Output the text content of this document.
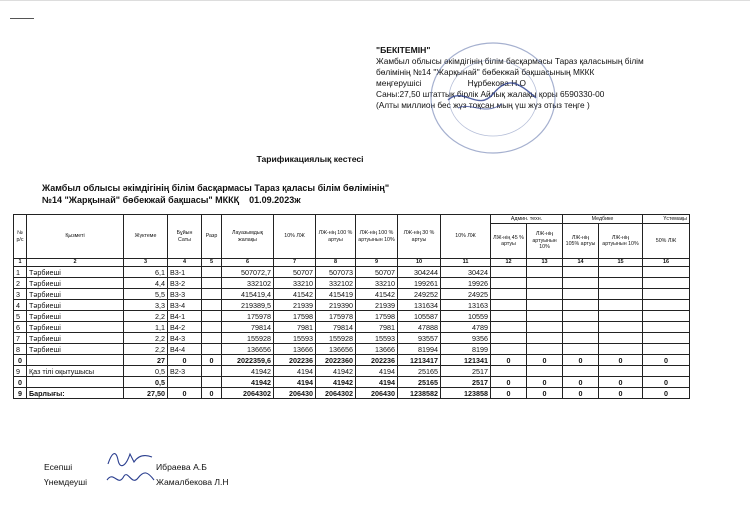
"БЕКІТЕМІН"
Жамбыл облысы әкімдігінің білім басқармасы Тараз қаласының білім
бөлімінің №14 "Жарқынай" бөбекжай бақшасының МККК
меңгерушісі                    Нұрбекова.Н.О
Саны:27,50 штаттық бірлік Айлық жалақы қоры 6590330-00
(Алты миллион бес жүз тоқсан мың үш жүз отыз теңге )
Тарификациялық кестесі
Жамбыл облысы әкімдігінің білім басқармасы Тараз қаласы білім бөлімінің"
№14 "Жарқынай" бөбекжай бақшасы" МККҚ    01.09.2023ж
№ р/с	Қызметі	Жүктеме	Бұйын Саты	Разр	Лауазымдық жалақы	10% ЛЖ	ЛЖ-нің 100 % артуы	ЛЖ-нің 100 % артуынын 10%	ЛЖ-нің 30 % артуы	10% ЛЖ	Админ. техн.		Медбике		Үстемақы
											ЛЖ-нің 45 % артуы	ЛЖ-нің артуынын 10%	ЛЖ-нің 105% артуы	ЛЖ-нің артуынын 10%	50% ЛЖ
1	2	3	4	5	6	7	8	9	10	11	12	13	14	15	16
1	Тәрбиеші	6,1	В3-1		507072,7	50707	507073	50707	304244	30424					
2	Тәрбиеші	4,4	В3-2		332102	33210	332102	33210	199261	19926					
3	Тәрбиеші	5,5	В3-3		415419,4	41542	415419	41542	249252	24925					
4	Тәрбиеші	3,3	В3-4		219389,5	21939	219390	21939	131634	13163					
5	Тәрбиеші	2,2	В4-1		175978	17598	175978	17598	105587	10559					
6	Тәрбиеші	1,1	В4-2		79814	7981	79814	7981	47888	4789					
7	Тәрбиеші	2,2	В4-3		155928	15593	155928	15593	93557	9356					
8	Тәрбиеші	2,2	В4-4		136656	13666	136656	13666	81994	8199					
0		27	0	0	2022359,6	202236	2022360	202236	1213417	121341	0	0	0	0	0
9	Қаз тілі оқытушысы	0,5	В2-3		41942	4194	41942	4194	25165	2517					
0		0,5			41942	4194	41942	4194	25165	2517	0	0	0	0	0
9	Барлығы:	27,50	0	0	2064302	206430	2064302	206430	1238582	123858	0	0	0	0	0
Есепші	Ибраева А.Б
Үнемдеуші	Жамалбекова Л.Н
